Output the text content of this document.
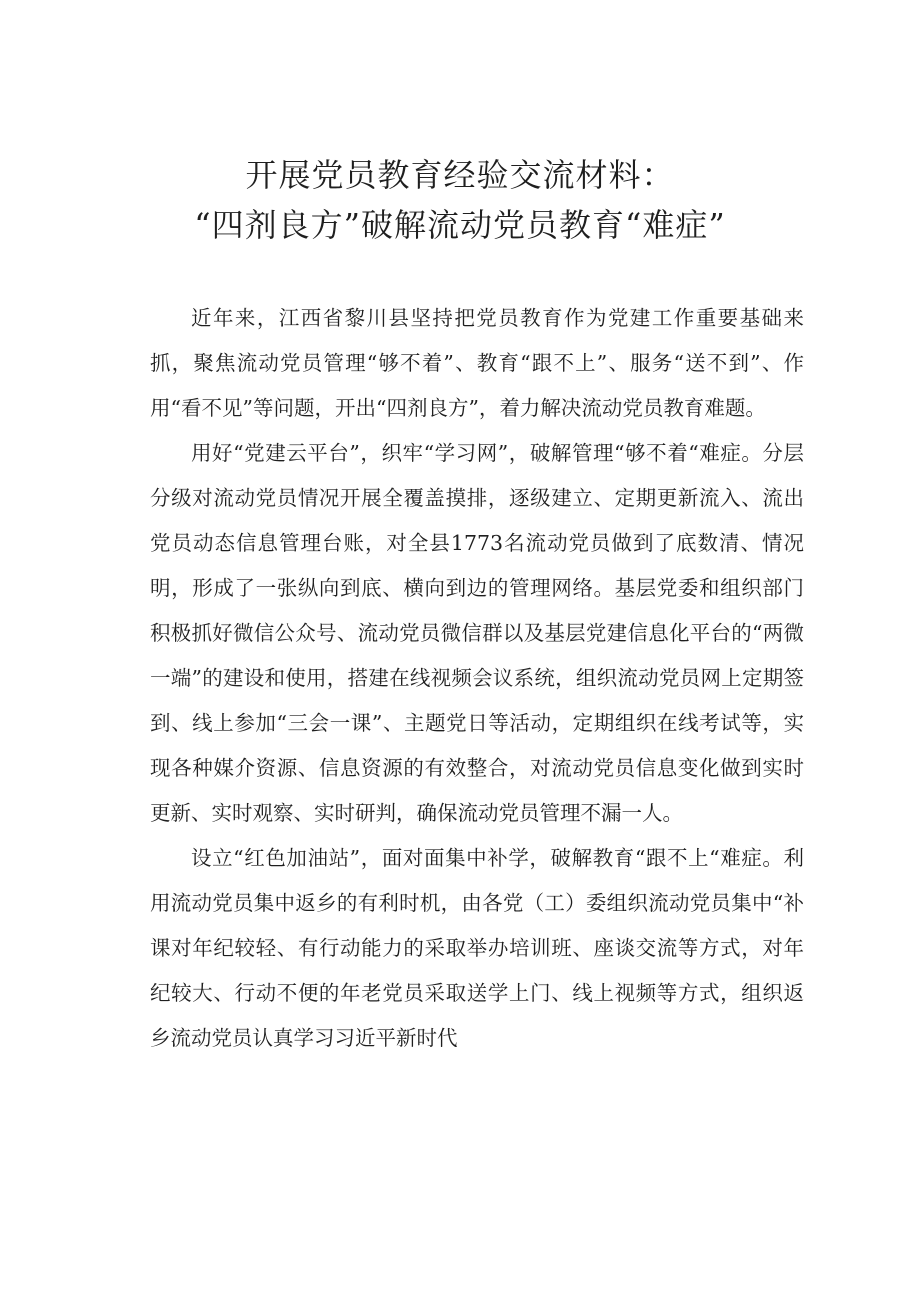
开展党员教育经验交流材料：
“四剂良方”破解流动党员教育“难症”

近年来，江西省黎川县坚持把党员教育作为党建工作重要基础来抓，聚焦流动党员管理“够不着”、教育“跟不上”、服务“送不到”、作用“看不见”等问题，开出“四剂良方”，着力解决流动党员教育难题。

用好“党建云平台”，织牢“学习网”，破解管理“够不着“难症。分层分级对流动党员情况开展全覆盖摸排，逐级建立、定期更新流入、流出党员动态信息管理台账，对全县1773名流动党员做到了底数清、情况明，形成了一张纵向到底、横向到边的管理网络。基层党委和组织部门积极抓好微信公众号、流动党员微信群以及基层党建信息化平台的“两微一端”的建设和使用，搭建在线视频会议系统，组织流动党员网上定期签到、线上参加“三会一课”、主题党日等活动，定期组织在线考试等，实现各种媒介资源、信息资源的有效整合，对流动党员信息变化做到实时更新、实时观察、实时研判，确保流动党员管理不漏一人。

设立“红色加油站”，面对面集中补学，破解教育“跟不上“难症。利用流动党员集中返乡的有利时机，由各党（工）委组织流动党员集中“补课对年纪较轻、有行动能力的采取举办培训班、座谈交流等方式，对年纪较大、行动不便的年老党员采取送学上门、线上视频等方式，组织返乡流动党员认真学习习近平新时代
